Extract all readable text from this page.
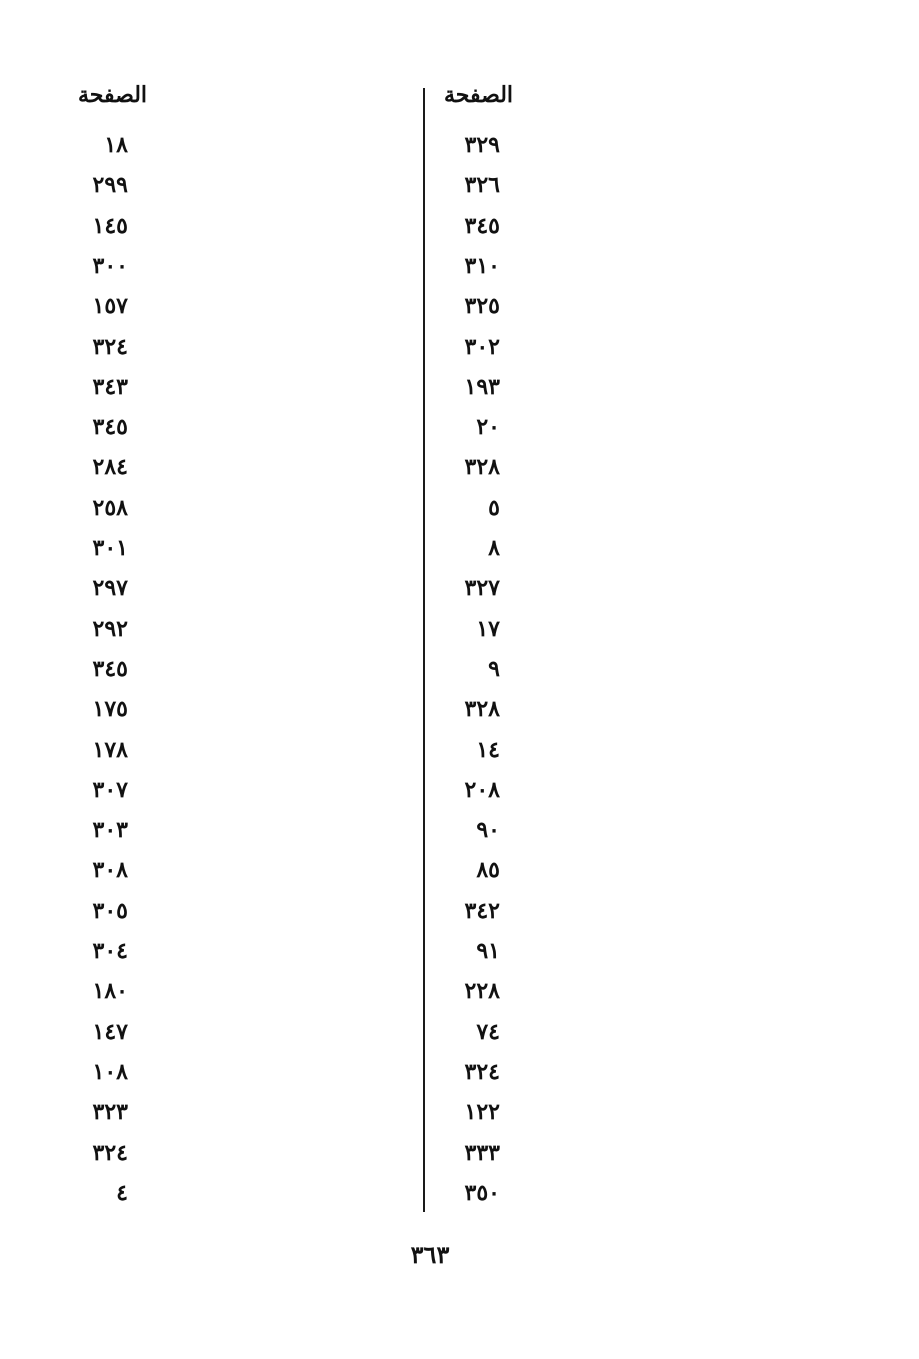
الصفحة	الصفحة
٣٢٩
٣٢٦
٣٤٥
٣١٠
٣٢٥
٣٠٢
١٩٣
٢٠
٣٢٨
٥
٨
٣٢٧
١٧
٩
٣٢٨
١٤
٢٠٨
٩٠
٨٥
٣٤٢
٩١
٢٢٨
٧٤
٣٢٤
١٢٢
٣٣٣
٣٥٠
١٨
٢٩٩
١٤٥
٣٠٠
١٥٧
٣٢٤
٣٤٣
٣٤٥
٢٨٤
٢٥٨
٣٠١
٢٩٧
٢٩٢
٣٤٥
١٧٥
١٧٨
٣٠٧
٣٠٣
٣٠٨
٣٠٥
٣٠٤
١٨٠
١٤٧
١٠٨
٣٢٣
٣٢٤
٤
٣٦٣
